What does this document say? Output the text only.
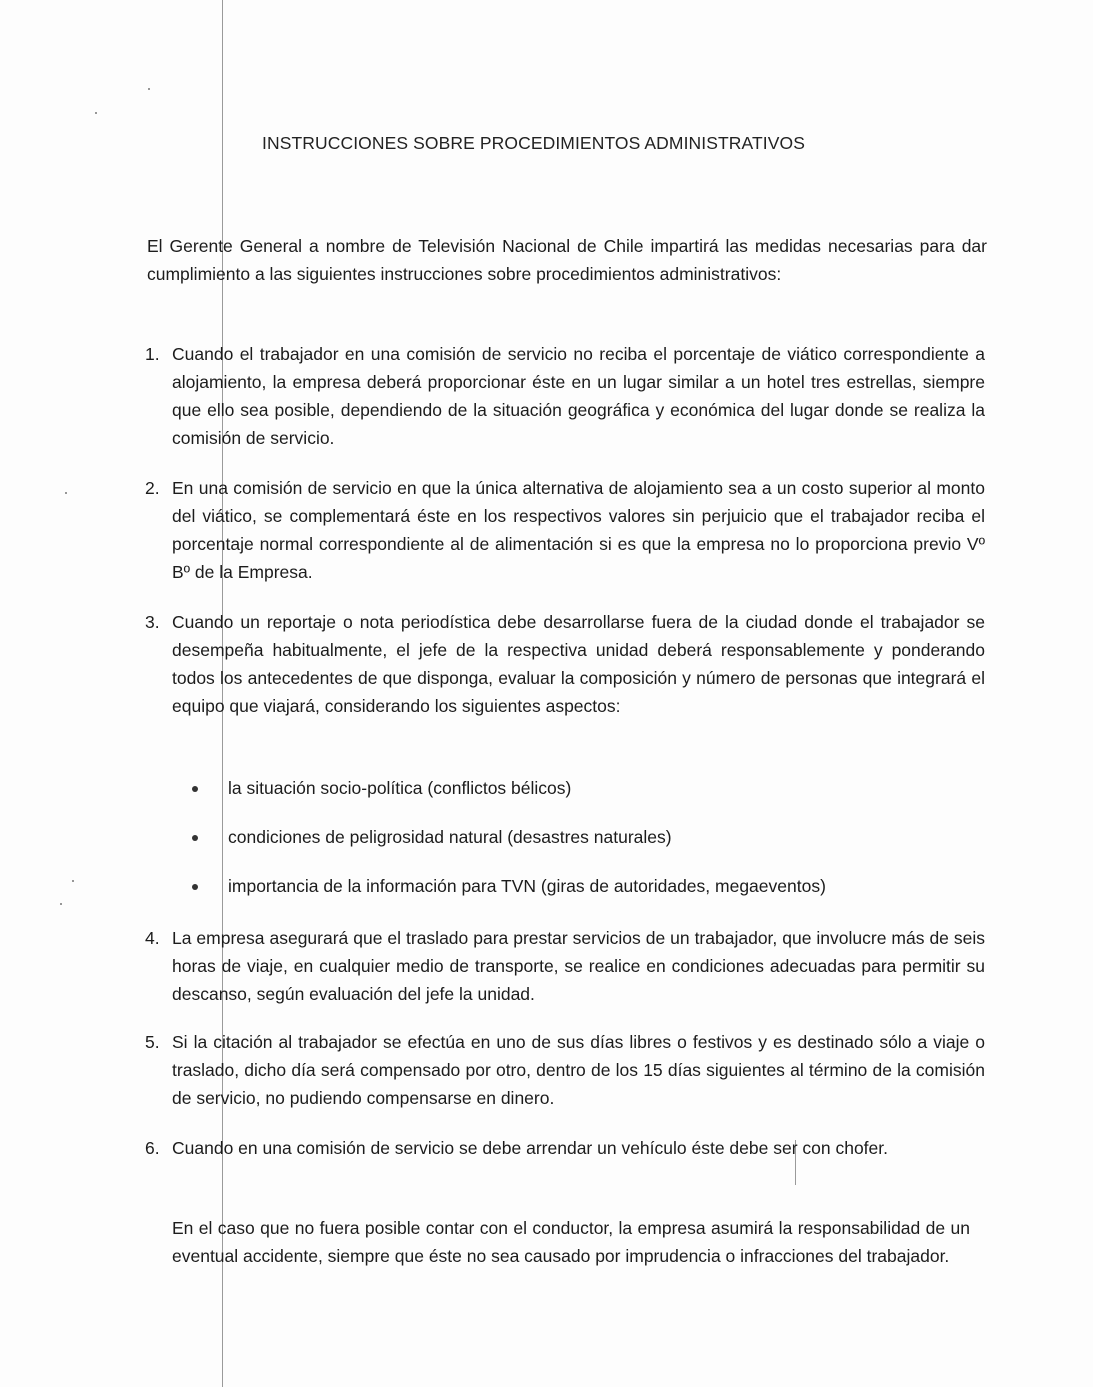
INSTRUCCIONES SOBRE PROCEDIMIENTOS ADMINISTRATIVOS
El Gerente General a nombre de Televisión Nacional de Chile impartirá las medidas necesarias para dar cumplimiento a las siguientes instrucciones sobre procedimientos administrativos:
1. Cuando el trabajador en una comisión de servicio no reciba el porcentaje de viático correspondiente a alojamiento, la empresa deberá proporcionar éste en un lugar similar a un hotel tres estrellas, siempre que ello sea posible, dependiendo de la situación geográfica y económica del lugar donde se realiza la comisión de servicio.
2. En una comisión de servicio en que la única alternativa de alojamiento sea a un costo superior al monto del viático, se complementará éste en los respectivos valores sin perjuicio que el trabajador reciba el porcentaje normal correspondiente al de alimentación si es que la empresa no lo proporciona previo Vº Bº de la Empresa.
3. Cuando un reportaje o nota periodística debe desarrollarse fuera de la ciudad donde el trabajador se desempeña habitualmente, el jefe de la respectiva unidad deberá responsablemente y ponderando todos los antecedentes de que disponga, evaluar la composición y número de personas que integrará el equipo que viajará, considerando los siguientes aspectos:
la situación socio-política (conflictos bélicos)
condiciones de peligrosidad natural (desastres naturales)
importancia de la información para TVN (giras de autoridades, megaeventos)
4. La empresa asegurará que el traslado para prestar servicios de un trabajador, que involucre más de seis horas de viaje, en cualquier medio de transporte, se realice en condiciones adecuadas para permitir su descanso, según evaluación del jefe la unidad.
5. Si la citación al trabajador se efectúa en uno de sus días libres o festivos y es destinado sólo a viaje o traslado, dicho día será compensado por otro, dentro de los 15 días siguientes al término de la comisión de servicio, no pudiendo compensarse en dinero.
6. Cuando en una comisión de servicio se debe arrendar un vehículo éste debe ser con chofer.
En el caso que no fuera posible contar con el conductor, la empresa asumirá la responsabilidad de un eventual accidente, siempre que éste no sea causado por imprudencia o infracciones del trabajador.
